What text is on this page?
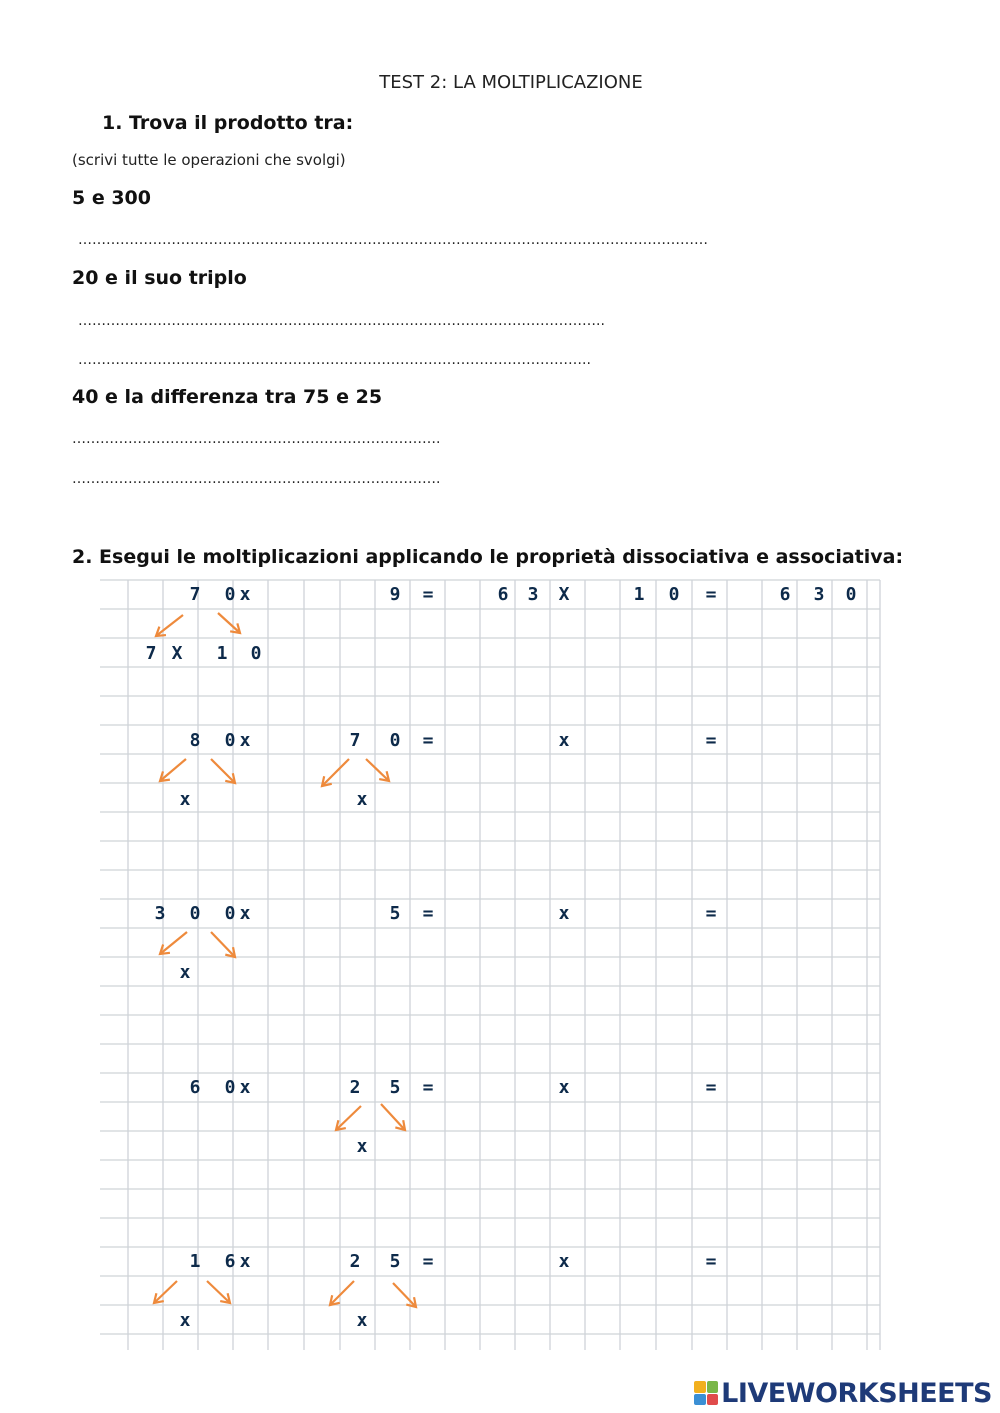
TEST 2: LA MOLTIPLICAZIONE
1. Trova il prodotto tra:
(scrivi tutte le operazioni che svolgi)
5 e 300
………………………………………………………………………………………………………………………
20 e il suo triplo
…………………………………………………………………………………………………..
………………………………………………………………………………………………..
40 e la differenza tra 75 e 25
…………………………………………………………………….
…………………………………………………………………….
2. Esegui le moltiplicazioni applicando le proprietà dissociativa e associativa:
7	0 x	9	=	6	3	X	1	0	=	6	3	0
7 X	1	0
8	0 x	7	0	=	x	=
x	x
3	0	0 x	5	=	x	=
x
6	0 x	2	5	=	x	=
x
1	6 x	2	5	=	x	=
x	x
LIVEWORKSHEETS
